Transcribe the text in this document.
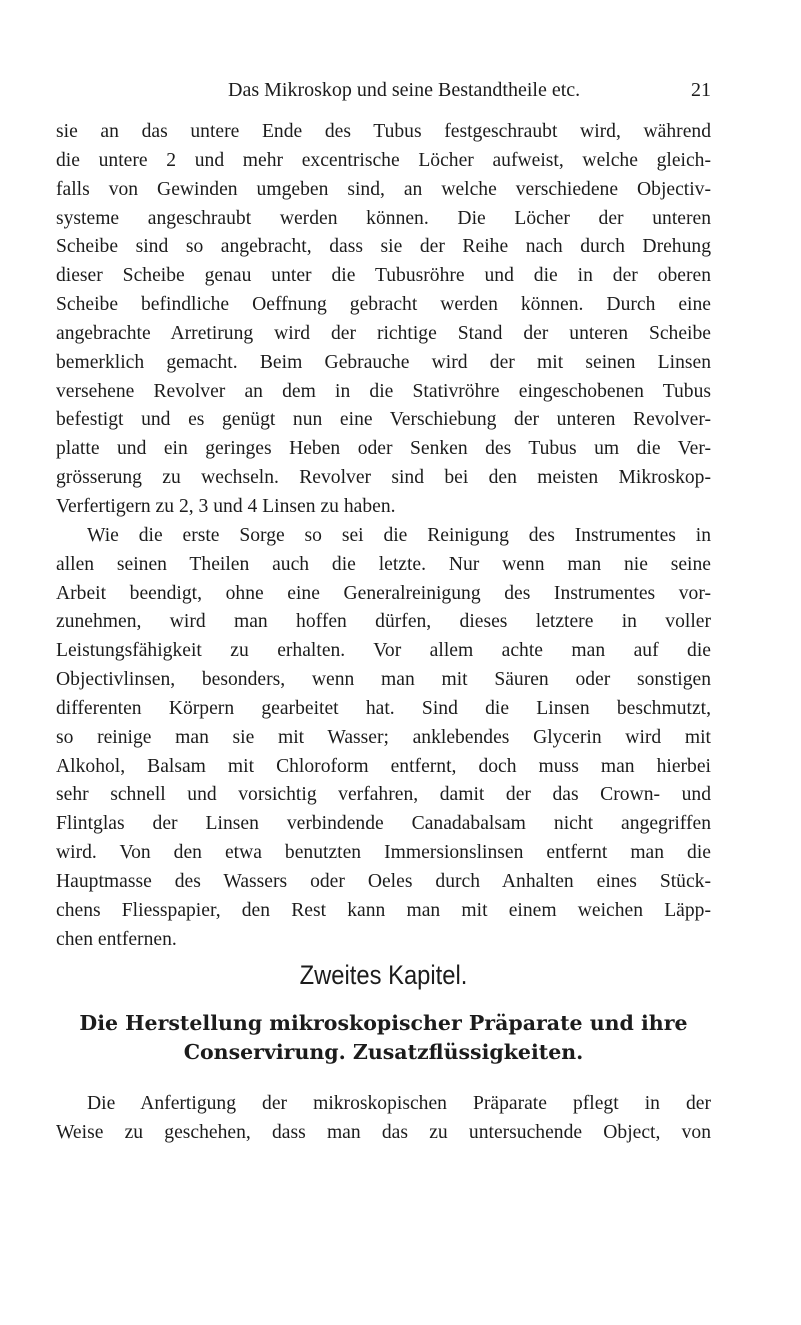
Das Mikroskop und seine Bestandtheile etc.	21
sie an das untere Ende des Tubus festgeschraubt wird, während
die untere 2 und mehr excentrische Löcher aufweist, welche gleich-
falls von Gewinden umgeben sind, an welche verschiedene Objectiv-
systeme angeschraubt werden können. Die Löcher der unteren
Scheibe sind so angebracht, dass sie der Reihe nach durch Drehung
dieser Scheibe genau unter die Tubusröhre und die in der oberen
Scheibe befindliche Oeffnung gebracht werden können. Durch eine
angebrachte Arretirung wird der richtige Stand der unteren Scheibe
bemerklich gemacht. Beim Gebrauche wird der mit seinen Linsen
versehene Revolver an dem in die Stativröhre eingeschobenen Tubus
befestigt und es genügt nun eine Verschiebung der unteren Revolver-
platte und ein geringes Heben oder Senken des Tubus um die Ver-
grösserung zu wechseln. Revolver sind bei den meisten Mikroskop-
Verfertigern zu 2, 3 und 4 Linsen zu haben.
Wie die erste Sorge so sei die Reinigung des Instrumentes in
allen seinen Theilen auch die letzte. Nur wenn man nie seine
Arbeit beendigt, ohne eine Generalreinigung des Instrumentes vor-
zunehmen, wird man hoffen dürfen, dieses letztere in voller
Leistungsfähigkeit zu erhalten. Vor allem achte man auf die
Objectivlinsen, besonders, wenn man mit Säuren oder sonstigen
differenten Körpern gearbeitet hat. Sind die Linsen beschmutzt,
so reinige man sie mit Wasser; anklebendes Glycerin wird mit
Alkohol, Balsam mit Chloroform entfernt, doch muss man hierbei
sehr schnell und vorsichtig verfahren, damit der das Crown- und
Flintglas der Linsen verbindende Canadabalsam nicht angegriffen
wird. Von den etwa benutzten Immersionslinsen entfernt man die
Hauptmasse des Wassers oder Oeles durch Anhalten eines Stück-
chens Fliesspapier, den Rest kann man mit einem weichen Läpp-
chen entfernen.
Zweites Kapitel.
Die Herstellung mikroskopischer Präparate und ihre
Conservirung. Zusatzflüssigkeiten.
Die Anfertigung der mikroskopischen Präparate pflegt in der
Weise zu geschehen, dass man das zu untersuchende Object, von
